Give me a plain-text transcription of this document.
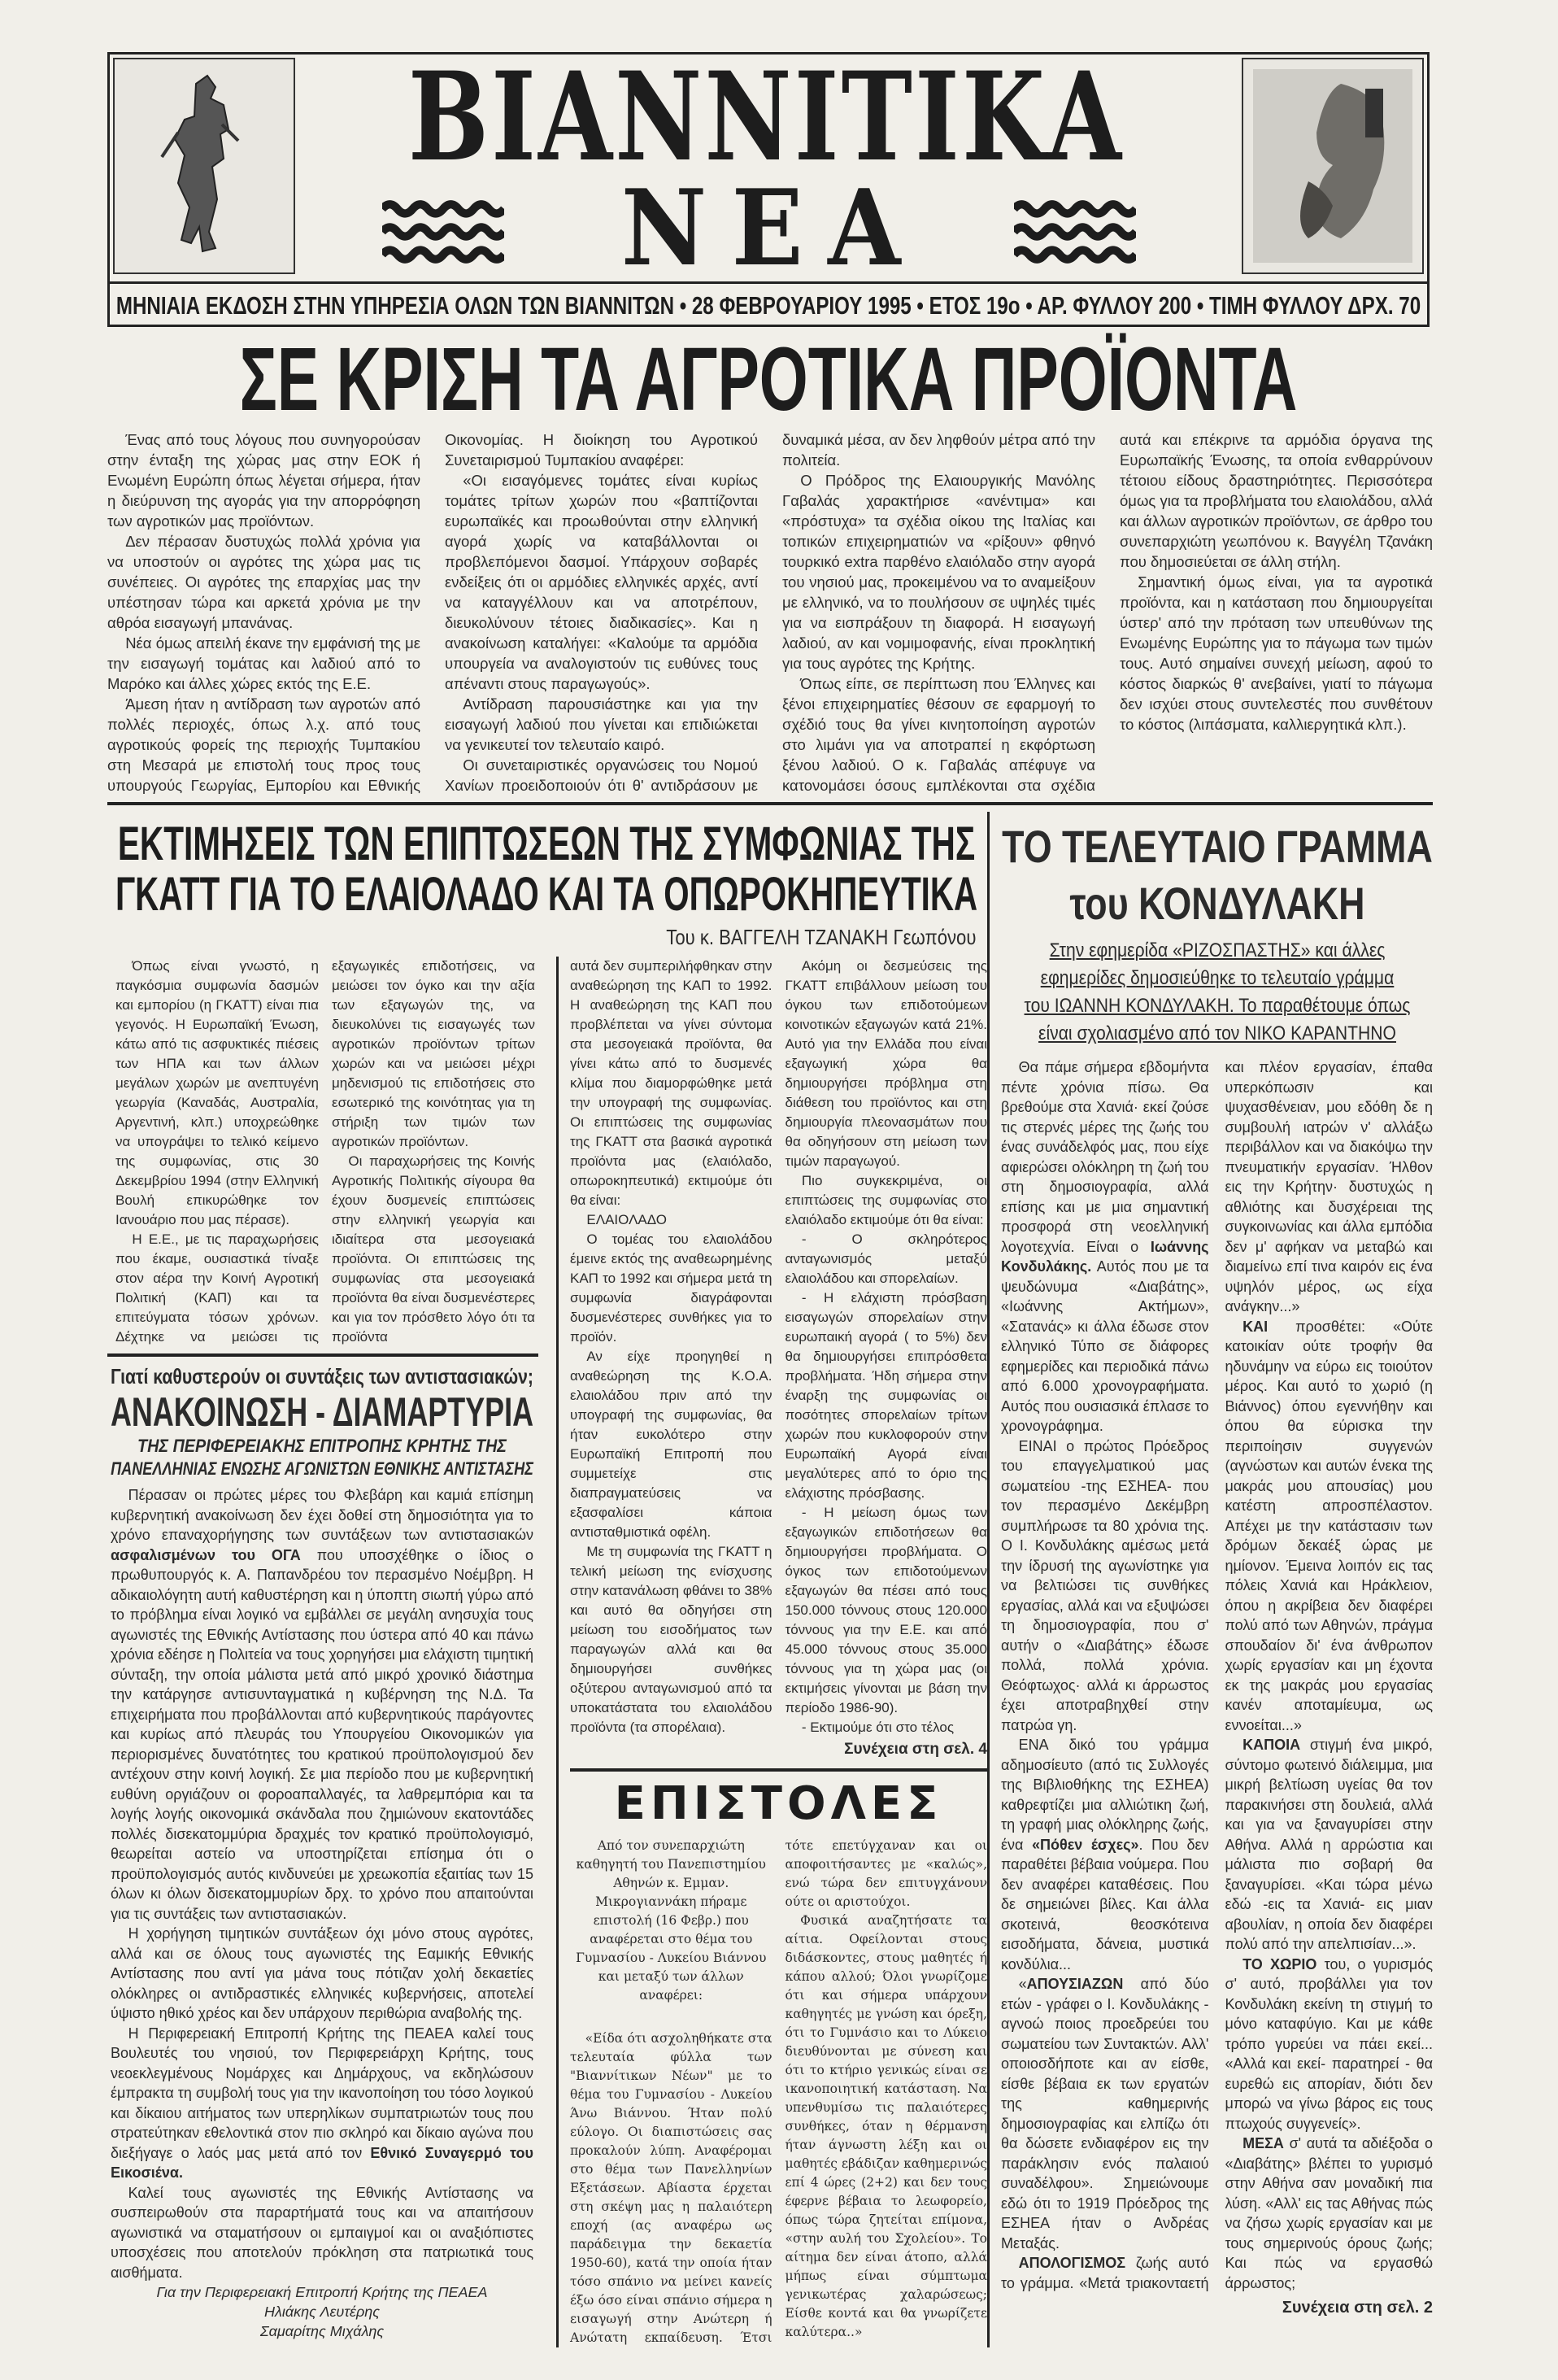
ΒΙΑΝΝΙΤΙΚΑ
ΝΕΑ
ΜΗΝΙΑΙΑ ΕΚΔΟΣΗ ΣΤΗΝ ΥΠΗΡΕΣΙΑ ΟΛΩΝ ΤΩΝ ΒΙΑΝΝΙΤΩΝ • 28 ΦΕΒΡΟΥΑΡΙΟΥ 1995 • ΕΤΟΣ 19ο • ΑΡ. ΦΥΛΛΟΥ 200 • ΤΙΜΗ ΦΥΛΛΟΥ ΔΡΧ. 70
ΣΕ ΚΡΙΣΗ ΤΑ ΑΓΡΟΤΙΚΑ ΠΡΟΪΟΝΤΑ

Ένας από τους λόγους που συνηγορούσαν στην ένταξη της χώρας μας στην ΕΟΚ ή Ενωμένη Ευρώπη όπως λέγεται σήμερα, ήταν η διεύρυνση της αγοράς για την απορρόφηση των αγροτικών μας προϊόντων.

Δεν πέρασαν δυστυχώς πολλά χρόνια για να υποστούν οι αγρότες της χώρα μας τις συνέπειες. Οι αγρότες της επαρχίας μας την υπέστησαν τώρα και αρκετά χρόνια με την αθρόα εισαγωγή μπανάνας.

Νέα όμως απειλή έκανε την εμφάνισή της με την εισαγωγή τομάτας και λαδιού από το Μαρόκο και άλλες χώρες εκτός της Ε.Ε.

Άμεση ήταν η αντίδραση των αγροτών από πολλές περιοχές, όπως λ.χ. από τους αγροτικούς φορείς της περιοχής Τυμπακίου στη Μεσαρά με επιστολή τους προς τους υπουργούς Γεωργίας, Εμπορίου και Εθνικής Οικονομίας. Η διοίκηση του Αγροτικού Συνεταιρισμού Τυμπακίου αναφέρει:

«Οι εισαγόμενες τομάτες είναι κυρίως τομάτες τρίτων χωρών που «βαπτίζονται ευρωπαϊκές και προωθούνται στην ελληνική αγορά χωρίς να καταβάλλονται οι προβλεπόμενοι δασμοί. Υπάρχουν σοβαρές ενδείξεις ότι οι αρμόδιες ελληνικές αρχές, αντί να καταγγέλλουν και να αποτρέπουν, διευκολύνουν τέτοιες διαδικασίες». Και η ανακοίνωση καταλήγει: «Καλούμε τα αρμόδια υπουργεία να αναλογιστούν τις ευθύνες τους απέναντι στους παραγωγούς».

Αντίδραση παρουσιάστηκε και για την εισαγωγή λαδιού που γίνεται και επιδιώκεται να γενικευτεί τον τελευταίο καιρό.

Οι συνεταιριστικές οργανώσεις του Νομού Χανίων προειδοποιούν ότι θ' αντιδράσουν με δυναμικά μέσα, αν δεν ληφθούν μέτρα από την πολιτεία.

Ο Πρόδρος της Ελαιουργικής Μανόλης Γαβαλάς χαρακτήρισε «ανέντιμα» και «πρόστυχα» τα σχέδια οίκου της Ιταλίας και τοπικών επιχειρηματιών να «ρίξουν» φθηνό τουρκικό extra παρθένο ελαιόλαδο στην αγορά του νησιού μας, προκειμένου να το αναμείξουν με ελληνικό, να το πουλήσουν σε υψηλές τιμές για να εισπράξουν τη διαφορά. Η εισαγωγή λαδιού, αν και νομιμοφανής, είναι προκλητική για τους αγρότες της Κρήτης.

Όπως είπε, σε περίπτωση που Έλληνες και ξένοι επιχειρηματίες θέσουν σε εφαρμογή το σχέδιό τους θα γίνει κινητοποίηση αγροτών στο λιμάνι για να αποτραπεί η εκφόρτωση ξένου λαδιού. Ο κ. Γαβαλάς απέφυγε να κατονομάσει όσους εμπλέκονται στα σχέδια αυτά και επέκρινε τα αρμόδια όργανα της Ευρωπαϊκής Ένωσης, τα οποία ενθαρρύνουν τέτοιου είδους δραστηριότητες. Περισσότερα όμως για τα προβλήματα του ελαιολάδου, αλλά και άλλων αγροτικών προϊόντων, σε άρθρο του συνεπαρχιώτη γεωπόνου κ. Βαγγέλη Τζανάκη που δημοσιεύεται σε άλλη στήλη.

Σημαντική όμως είναι, για τα αγροτικά προϊόντα, και η κατάσταση που δημιουργείται ύστερ' από την πρόταση των υπευθύνων της Ενωμένης Ευρώπης για το πάγωμα των τιμών τους. Αυτό σημαίνει συνεχή μείωση, αφού το κόστος διαρκώς θ' ανεβαίνει, γιατί το πάγωμα δεν ισχύει στους συντελεστές που συνθέτουν το κόστος (λιπάσματα, καλλιεργητικά κλπ.).

ΕΚΤΙΜΗΣΕΙΣ ΤΩΝ ΕΠΙΠΤΩΣΕΩΝ ΤΗΣ ΣΥΜΦΩΝΙΑΣ ΤΗΣ
ΓΚΑΤΤ ΓΙΑ ΤΟ ΕΛΑΙΟΛΑΔΟ ΚΑΙ ΤΑ ΟΠΩΡΟΚΗΠΕΥΤΙΚΑ
Του κ. ΒΑΓΓΕΛΗ ΤΖΑΝΑΚΗ Γεωπόνου

Όπως είναι γνωστό, η παγκόσμια συμφωνία δασμών και εμπορίου (η ΓΚΑΤΤ) είναι πια γεγονός. Η Ευρωπαϊκή Ένωση, κάτω από τις ασφυκτικές πιέσεις των ΗΠΑ και των άλλων μεγάλων χωρών με ανεπτυγένη γεωργία (Καναδάς, Αυστραλία, Αργεντινή, κλπ.) υποχρεώθηκε να υπογράψει το τελικό κείμενο της συμφωνίας, στις 30 Δεκεμβρίου 1994 (στην Ελληνική Βουλή επικυρώθηκε τον Ιανουάριο που μας πέρασε).

Η Ε.Ε., με τις παραχωρήσεις που έκαμε, ουσιαστικά τίναξε στον αέρα την Κοινή Αγροτική Πολιτική (ΚΑΠ) και τα επιτεύγματα τόσων χρόνων. Δέχτηκε να μειώσει τις εξαγωγικές επιδοτήσεις, να μειώσει τον όγκο και την αξία των εξαγωγών της, να διευκολύνει τις εισαγωγές των αγροτικών προϊόντων τρίτων χωρών και να μειώσει μέχρι μηδενισμού τις επιδοτήσεις στο εσωτερικό της κοινότητας για τη στήριξη των τιμών των αγροτικών προϊόντων.

Οι παραχωρήσεις της Κοινής Αγροτικής Πολιτικής σίγουρα θα έχουν δυσμενείς επιπτώσεις στην ελληνική γεωργία και ιδιαίτερα στα μεσογειακά προϊόντα. Οι επιπτώσεις της συμφωνίας στα μεσογειακά προϊόντα θα είναι δυσμενέστερες και για τον πρόσθετο λόγο ότι τα προϊόντα

Γιατί καθυστερούν οι συντάξεις των αντιστασιακών;
ΑΝΑΚΟΙΝΩΣΗ - ΔΙΑΜΑΡΤΥΡΙΑ
ΤΗΣ ΠΕΡΙΦΕΡΕΙΑΚΗΣ ΕΠΙΤΡΟΠΗΣ ΚΡΗΤΗΣ ΤΗΣ
ΠΑΝΕΛΛΗΝΙΑΣ ΕΝΩΣΗΣ ΑΓΩΝΙΣΤΩΝ ΕΘΝΙΚΗΣ ΑΝΤΙΣΤΑΣΗΣ

Πέρασαν οι πρώτες μέρες του Φλεβάρη και καμιά επίσημη κυβερνητική ανακοίνωση δεν έχει δοθεί στη δημοσιότητα για το χρόνο επαναχορήγησης των συντάξεων των αντιστασιακών ασφαλισμένων του ΟΓΑ που υποσχέθηκε ο ίδιος ο πρωθυπουργός κ. Α. Παπανδρέου τον περασμένο Νοέμβρη. Η αδικαιολόγητη αυτή καθυστέρηση και η ύποπτη σιωπή γύρω από το πρόβλημα είναι λογικό να εμβάλλει σε μεγάλη ανησυχία τους αγωνιστές της Εθνικής Αντίστασης που ύστερα από 40 και πάνω χρόνια εδέησε η Πολιτεία να τους χορηγήσει μια ελάχιστη τιμητική σύνταξη, την οποία μάλιστα μετά από μικρό χρονικό διάστημα την κατάργησε αντισυνταγματικά η κυβέρνηση της Ν.Δ. Τα επιχειρήματα που προβάλλονται από κυβερνητικούς παράγοντες και κυρίως από πλευράς του Υπουργείου Οικονομικών για περιορισμένες δυνατότητες του κρατικού προϋπολογισμού δεν αντέχουν στην κοινή λογική. Σε μια περίοδο που με κυβερνητική ευθύνη οργιάζουν οι φοροαπαλλαγές, τα λαθρεμπόρια και τα λογής λογής οικονομικά σκάνδαλα που ζημιώνουν εκατοντάδες πολλές δισεκατομμύρια δραχμές τον κρατικό προϋπολογισμό, θεωρείται αστείο να υποστηρίζεται επίσημα ότι ο προϋπολογισμός αυτός κινδυνεύει με χρεωκοπία εξαιτίας των 15 όλων κι όλων δισεκατομμυρίων δρχ. το χρόνο που απαιτούνται για τις συντάξεις των αντιστασιακών.

Η χορήγηση τιμητικών συντάξεων όχι μόνο στους αγρότες, αλλά και σε όλους τους αγωνιστές της Εαμικής Εθνικής Αντίστασης που αντί για μάνα τους πότιζαν χολή δεκαετίες ολόκληρες οι αντιδραστικές ελληνικές κυβερνήσεις, αποτελεί ύψιστο ηθικό χρέος και δεν υπάρχουν περιθώρια αναβολής της.

Η Περιφερειακή Επιτροπή Κρήτης της ΠΕΑΕΑ καλεί τους Βουλευτές του νησιού, τον Περιφερειάρχη Κρήτης, τους νεοεκλεγμένους Νομάρχες και Δημάρχους, να εκδηλώσουν έμπρακτα τη συμβολή τους για την ικανοποίηση του τόσο λογικού και δίκαιου αιτήματος των υπερηλίκων συμπατριωτών τους που στρατεύτηκαν εθελοντικά στον πιο σκληρό και δίκαιο αγώνα που διεξήγαγε ο λαός μας μετά από τον Εθνικό Συναγερμό του Εικοσιένα.

Καλεί τους αγωνιστές της Εθνικής Αντίστασης να συσπειρωθούν στα παραρτήματά τους και να απαιτήσουν αγωνιστικά να σταματήσουν οι εμπαιγμοί και οι αναξιόπιστες υποσχέσεις που αποτελούν πρόκληση στα πατριωτικά τους αισθήματα.

Για την Περιφερειακή Επιτροπή Κρήτης της ΠΕΑΕΑ
Ηλιάκης Λευτέρης
Σαμαρίτης Μιχάλης

αυτά δεν συμπεριλήφθηκαν στην αναθεώρηση της ΚΑΠ το 1992. Η αναθεώρηση της ΚΑΠ που προβλέπεται να γίνει σύντομα στα μεσογειακά προϊόντα, θα γίνει κάτω από το δυσμενές κλίμα που διαμορφώθηκε μετά την υπογραφή της συμφωνίας. Οι επιπτώσεις της συμφωνίας της ΓΚΑΤΤ στα βασικά αγροτικά προϊόντα μας (ελαιόλαδο, οπωροκηπευτικά) εκτιμούμε ότι θα είναι:

ΕΛΑΙΟΛΑΔΟ

Ο τομέας του ελαιολάδου έμεινε εκτός της αναθεωρημένης ΚΑΠ το 1992 και σήμερα μετά τη συμφωνία διαγράφονται δυσμενέστερες συνθήκες για το προϊόν.

Αν είχε προηγηθεί η αναθεώρηση της Κ.Ο.Α. ελαιολάδου πριν από την υπογραφή της συμφωνίας, θα ήταν ευκολότερο στην Ευρωπαϊκή Επιτροπή που συμμετείχε στις διαπραγματεύσεις να εξασφαλίσει κάποια αντισταθμιστικά οφέλη.

Με τη συμφωνία της ΓΚΑΤΤ η τελική μείωση της ενίσχυσης στην κατανάλωση φθάνει το 38% και αυτό θα οδηγήσει στη μείωση του εισοδήματος των παραγωγών αλλά και θα δημιουργήσει συνθήκες οξύτερου ανταγωνισμού από τα υποκατάστατα του ελαιολάδου προϊόντα (τα σπορέλαια).

Ακόμη οι δεσμεύσεις της ΓΚΑΤΤ επιβάλλουν μείωση του όγκου των επιδοτούμεων κοινοτικών εξαγωγών κατά 21%. Αυτό για την Ελλάδα που είναι εξαγωγική χώρα θα δημιουργήσει πρόβλημα στη διάθεση του προϊόντος και στη δημιουργία πλεονασμάτων που θα οδηγήσουν στη μείωση των τιμών παραγωγού.

Πιο συγκεκριμένα, οι επιπτώσεις της συμφωνίας στο ελαιόλαδο εκτιμούμε ότι θα είναι:

- Ο σκληρότερος ανταγωνισμός μεταξύ ελαιολάδου και σπορελαίων.

- Η ελάχιστη πρόσβαση εισαγωγών σπορελαίων στην ευρωπαική αγορά ( το 5%) δεν θα δημιουργήσει επιπρόσθετα προβλήματα. Ήδη σήμερα στην έναρξη της συμφωνίας οι ποσότητες σπορελαίων τρίτων χωρών που κυκλοφορούν στην Ευρωπαϊκή Αγορά είναι μεγαλύτερες από το όριο της ελάχιστης πρόσβασης.

- Η μείωση όμως των εξαγωγικών επιδοτήσεων θα δημιουργήσει προβλήματα. Ο όγκος των επιδοτούμενων εξαγωγών θα πέσει από τους 150.000 τόννους στους 120.000 τόννους για την Ε.Ε. και από 45.000 τόννους στους 35.000 τόννους για τη χώρα μας (οι εκτιμήσεις γίνονται με βάση την περίοδο 1986-90).

- Εκτιμούμε ότι στο τέλος

Συνέχεια στη σελ. 4
ΕΠΙΣΤΟΛΕΣ

Από τον συνεπαρχιώτη καθηγητή του Πανεπιστημίου Αθηνών κ. Εμμαν. Μικρογιαννάκη πήραμε επιστολή (16 Φεβρ.) που αναφέρεται στο θέμα του Γυμνασίου - Λυκείου Βιάννου και μεταξύ των άλλων αναφέρει:

«Είδα ότι ασχοληθήκατε στα τελευταία φύλλα των "Βιαννίτικων Νέων" με το θέμα του Γυμνασίου - Λυκείου Άνω Βιάννου. Ήταν πολύ εύλογο. Οι διαπιστώσεις σας προκαλούν λύπη. Αναφέρομαι στο θέμα των Πανελληνίων Εξετάσεων. Αβίαστα έρχεται στη σκέψη μας η παλαιότερη εποχή (ας αναφέρω ως παράδειγμα την δεκαετία 1950-60), κατά την οποία ήταν τόσο σπάνιο να μείνει κανείς έξω όσο είναι σπάνιο σήμερα η εισαγωγή στην Ανώτερη ή Ανώτατη εκπαίδευση. Έτσι τότε επετύγχαναν και οι αποφοιτήσαντες με «καλώς», ενώ τώρα δεν επιτυγχάνουν ούτε οι αριστούχοι.

Φυσικά αναζητήσατε τα αίτια. Οφείλονται στους διδάσκοντες, στους μαθητές ή κάπου αλλού; Όλοι γνωρίζομε ότι και σήμερα υπάρχουν καθηγητές με γνώση και όρεξη, ότι το Γυμνάσιο και το Λύκειο διευθύνονται με σύνεση και ότι το κτήριο γενικώς είναι σε ικανοποιητική κατάσταση. Να υπενθυμίσω τις παλαιότερες συνθήκες, όταν η θέρμανση ήταν άγνωστη λέξη και οι μαθητές εβάδιζαν καθημερινώς επί 4 ώρες (2+2) και δεν τους έφερνε βέβαια το λεωφορείο, όπως τώρα ζητείται επίμονα, «στην αυλή του Σχολείου». Το αίτημα δεν είναι άτοπο, αλλά μήπως είναι σύμπτωμα γενικωτέρας χαλαρώσεως; Είσθε κοντά και θα γνωρίζετε καλύτερα..»

ΤΟ ΤΕΛΕΥΤΑΙΟ ΓΡΑΜΜΑ
του ΚΟΝΔΥΛΑΚΗ
Στην εφημερίδα «ΡΙΖΟΣΠΑΣΤΗΣ» και άλλες
εφημερίδες δημοσιεύθηκε το τελευταίο γράμμα
του ΙΩΑΝΝΗ ΚΟΝΔΥΛΑΚΗ. Το παραθέτουμε όπως
είναι σχολιασμένο από τον ΝΙΚΟ ΚΑΡΑΝΤΗΝΟ

Θα πάμε σήμερα εβδομήντα πέντε χρόνια πίσω. Θα βρεθούμε στα Χανιά· εκεί ζούσε τις στερνές μέρες της ζωής του ένας συνάδελφός μας, που είχε αφιερώσει ολόκληρη τη ζωή του στη δημοσιογραφία, αλλά επίσης και με μια σημαντική προσφορά στη νεοελληνική λογοτεχνία. Είναι ο Ιωάννης Κονδυλάκης. Αυτός που με τα ψευδώνυμα «Διαβάτης», «Ιωάννης Ακτήμων», «Σατανάς» κι άλλα έδωσε στον ελληνικό Τύπο σε διάφορες εφημερίδες και περιοδικά πάνω από 6.000 χρονογραφήματα. Αυτός που ουσιασικά έπλασε το χρονογράφημα.

ΕΙΝΑΙ ο πρώτος Πρόεδρος του επαγγελματικού μας σωματείου -της ΕΣΗΕΑ- που τον περασμένο Δεκέμβρη συμπλήρωσε τα 80 χρόνια της. Ο Ι. Κονδυλάκης αμέσως μετά την ίδρυσή της αγωνίστηκε για να βελτιώσει τις συνθήκες εργασίας, αλλά και να εξυψώσει τη δημοσιογραφία, που σ' αυτήν ο «Διαβάτης» έδωσε πολλά, πολλά χρόνια. Θεόφτωχος· αλλά κι άρρωστος έχει αποτραβηχθεί στην πατρώα γη.

ΕΝΑ δικό του γράμμα αδημοσίευτο (από τις Συλλογές της Βιβλιοθήκης της ΕΣΗΕΑ) καθρεφτίζει μια αλλιώτικη ζωή, τη γραφή μιας ολόκληρης ζωής, ένα «Πόθεν έσχες». Που δεν παραθέτει βέβαια νούμερα. Που δεν αναφέρει καταθέσεις. Που δε σημειώνει βίλες. Και άλλα σκοτεινά, θεοσκότεινα εισοδήματα, δάνεια, μυστικά κονδύλια...

«ΑΠΟΥΣΙΑΖΩΝ από δύο ετών - γράφει ο Ι. Κονδυλάκης - αγνοώ ποιος προεδρεύει του σωματείου των Συντακτών. Αλλ' οποιοσδήποτε και αν είσθε, είσθε βέβαια εκ των εργατών της καθημερινής δημοσιογραφίας και ελπίζω ότι θα δώσετε ενδιαφέρον εις την παράκλησιν ενός παλαιού συναδέλφου». Σημειώνουμε εδώ ότι το 1919 Πρόεδρος της ΕΣΗΕΑ ήταν ο Ανδρέας Μεταξάς.

ΑΠΟΛΟΓΙΣΜΟΣ ζωής αυτό το γράμμα. «Μετά τριακονταετή και πλέον εργασίαν, έπαθα υπερκόπωσιν και ψυχασθένειαν, μου εδόθη δε η συμβουλή ιατρών ν' αλλάξω περιβάλλον και να διακόψω την πνευματικήν εργασίαν. Ήλθον εις την Κρήτην· δυστυχώς η αθλιότης και δυσχέρειαι της συγκοινωνίας και άλλα εμπόδια δεν μ' αφήκαν να μεταβώ και διαμείνω επί τινα καιρόν εις ένα υψηλόν μέρος, ως είχα ανάγκην...»

ΚΑΙ προσθέτει: «Ούτε κατοικίαν ούτε τροφήν θα ηδυνάμην να εύρω εις τοιούτον μέρος. Και αυτό το χωριό (η Βιάννος) όπου εγεννήθην και όπου θα εύρισκα την περιποίησιν συγγενών (αγνώστων και αυτών ένεκα της μακράς μου απουσίας) μου κατέστη απροσπέλαστον. Απέχει με την κατάστασιν των δρόμων δεκαέξ ώρας με ημίονον. Έμεινα λοιπόν εις τας πόλεις Χανιά και Ηράκλειον, όπου η ακρίβεια δεν διαφέρει πολύ από των Αθηνών, πράγμα σπουδαίον δι' ένα άνθρωπον χωρίς εργασίαν και μη έχοντα εκ της μακράς μου εργασίας κανέν αποταμίευμα, ως εννοείται...»

ΚΑΠΟΙΑ στιγμή ένα μικρό, σύντομο φωτεινό διάλειμμα, μια μικρή βελτίωση υγείας θα τον παρακινήσει στη δουλειά, αλλά και για να ξαναγυρίσει στην Αθήνα. Αλλά η αρρώστια και μάλιστα πιο σοβαρή θα ξαναγυρίσει. «Και τώρα μένω εδώ -εις τα Χανιά- εις μιαν αβουλίαν, η οποία δεν διαφέρει πολύ από την απελπισίαν...».

ΤΟ ΧΩΡΙΟ του, ο γυρισμός σ' αυτό, προβάλλει για τον Κονδυλάκη εκείνη τη στιγμή το μόνο καταφύγιο. Και με κάθε τρόπο γυρεύει να πάει εκεί... «Αλλά και εκεί- παρατηρεί - θα ευρεθώ εις απορίαν, διότι δεν μπορώ να γίνω βάρος εις τους πτωχούς συγγενείς».

ΜΕΣΑ σ' αυτά τα αδιέξοδα ο «Διαβάτης» βλέπει το γυρισμό στην Αθήνα σαν μοναδική πια λύση. «Αλλ' εις τας Αθήνας πώς να ζήσω χωρίς εργασίαν και με τους σημερινούς όρους ζωής; Και πώς να εργασθώ άρρωστος;

Συνέχεια στη σελ. 2
